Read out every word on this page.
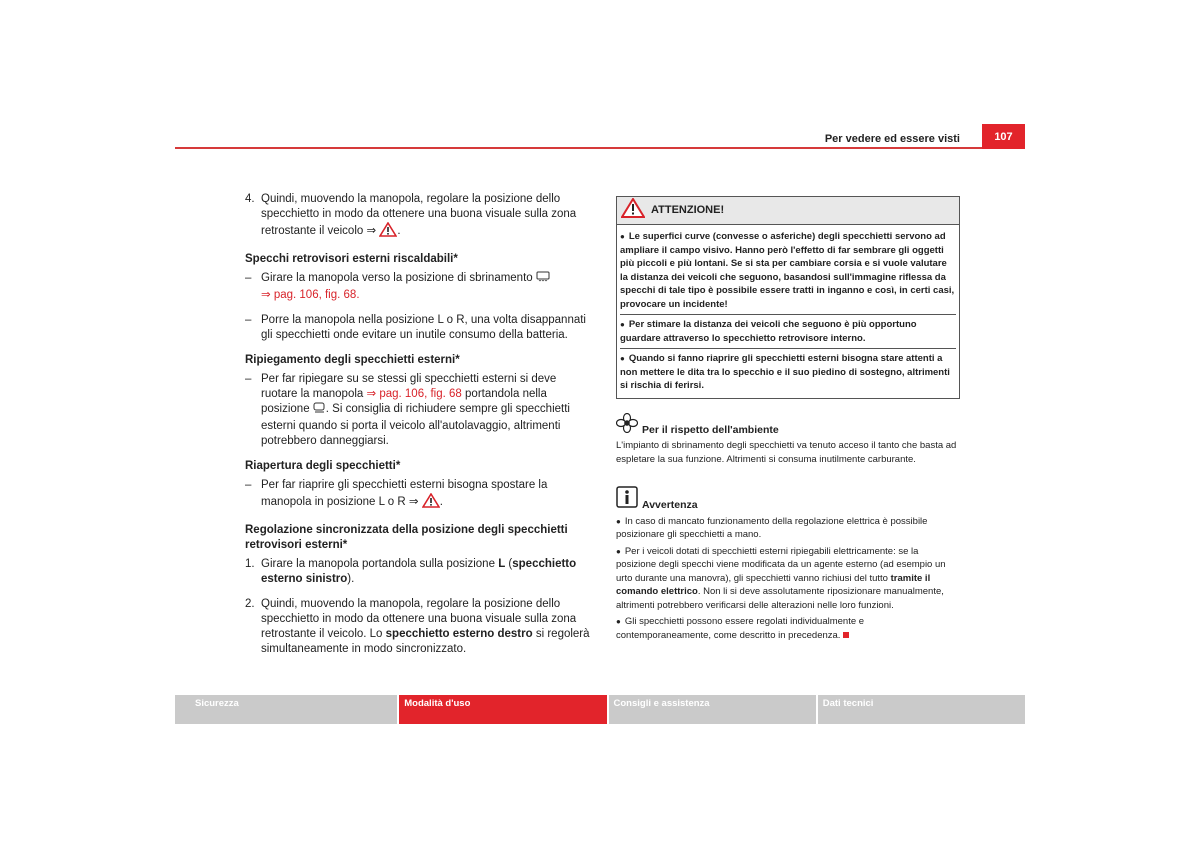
Per vedere ed essere visti	107
4. Quindi, muovendo la manopola, regolare la posizione dello specchietto in modo da ottenere una buona visuale sulla zona retrostante il veicolo ⇒ .

Specchi retrovisori esterni riscaldabili*

– Girare la manopola verso la posizione di sbrinamento
⇒ pag. 106, fig. 68.
– Porre la manopola nella posizione L o R, una volta disappannati gli specchietti onde evitare un inutile consumo della batteria.

Ripiegamento degli specchietti esterni*

– Per far ripiegare su se stessi gli specchietti esterni si deve ruotare la manopola ⇒ pag. 106, fig. 68 portandola nella posizione . Si consiglia di richiudere sempre gli specchietti esterni quando si porta il veicolo all'autolavaggio, altrimenti potrebbero danneggiarsi.

Riapertura degli specchietti*

– Per far riaprire gli specchietti esterni bisogna spostare la manopola in posizione L o R ⇒ .

Regolazione sincronizzata della posizione degli specchietti retrovisori esterni*

1. Girare la manopola portandola sulla posizione L (specchietto esterno sinistro).
2. Quindi, muovendo la manopola, regolare la posizione dello specchietto in modo da ottenere una buona visuale sulla zona retrostante il veicolo. Lo specchietto esterno destro si regolerà simultaneamente in modo sincronizzato.
ATTENZIONE!
● Le superfici curve (convesse o asferiche) degli specchietti servono ad ampliare il campo visivo. Hanno però l'effetto di far sembrare gli oggetti più piccoli e più lontani. Se si sta per cambiare corsia e si vuole valutare la distanza dei veicoli che seguono, basandosi sull'immagine riflessa da specchi di tale tipo è possibile essere tratti in inganno e così, in certi casi, provocare un incidente!
● Per stimare la distanza dei veicoli che seguono è più opportuno guardare attraverso lo specchietto retrovisore interno.
● Quando si fanno riaprire gli specchietti esterni bisogna stare attenti a non mettere le dita tra lo specchio e il suo piedino di sostegno, altrimenti si rischia di ferirsi.
Per il rispetto dell'ambiente

L'impianto di sbrinamento degli specchietti va tenuto acceso il tanto che basta ad espletare la sua funzione. Altrimenti si consuma inutilmente carburante.

Avvertenza
● In caso di mancato funzionamento della regolazione elettrica è possibile posizionare gli specchietti a mano.
● Per i veicoli dotati di specchietti esterni ripiegabili elettricamente: se la posizione degli specchi viene modificata da un agente esterno (ad esempio un urto durante una manovra), gli specchietti vanno richiusi del tutto tramite il comando elettrico. Non li si deve assolutamente riposizionare manualmente, altrimenti potrebbero verificarsi delle alterazioni nelle loro funzioni.
● Gli specchietti possono essere regolati individualmente e contemporaneamente, come descritto in precedenza.
Sicurezza	Modalità d'uso	Consigli e assistenza	Dati tecnici
